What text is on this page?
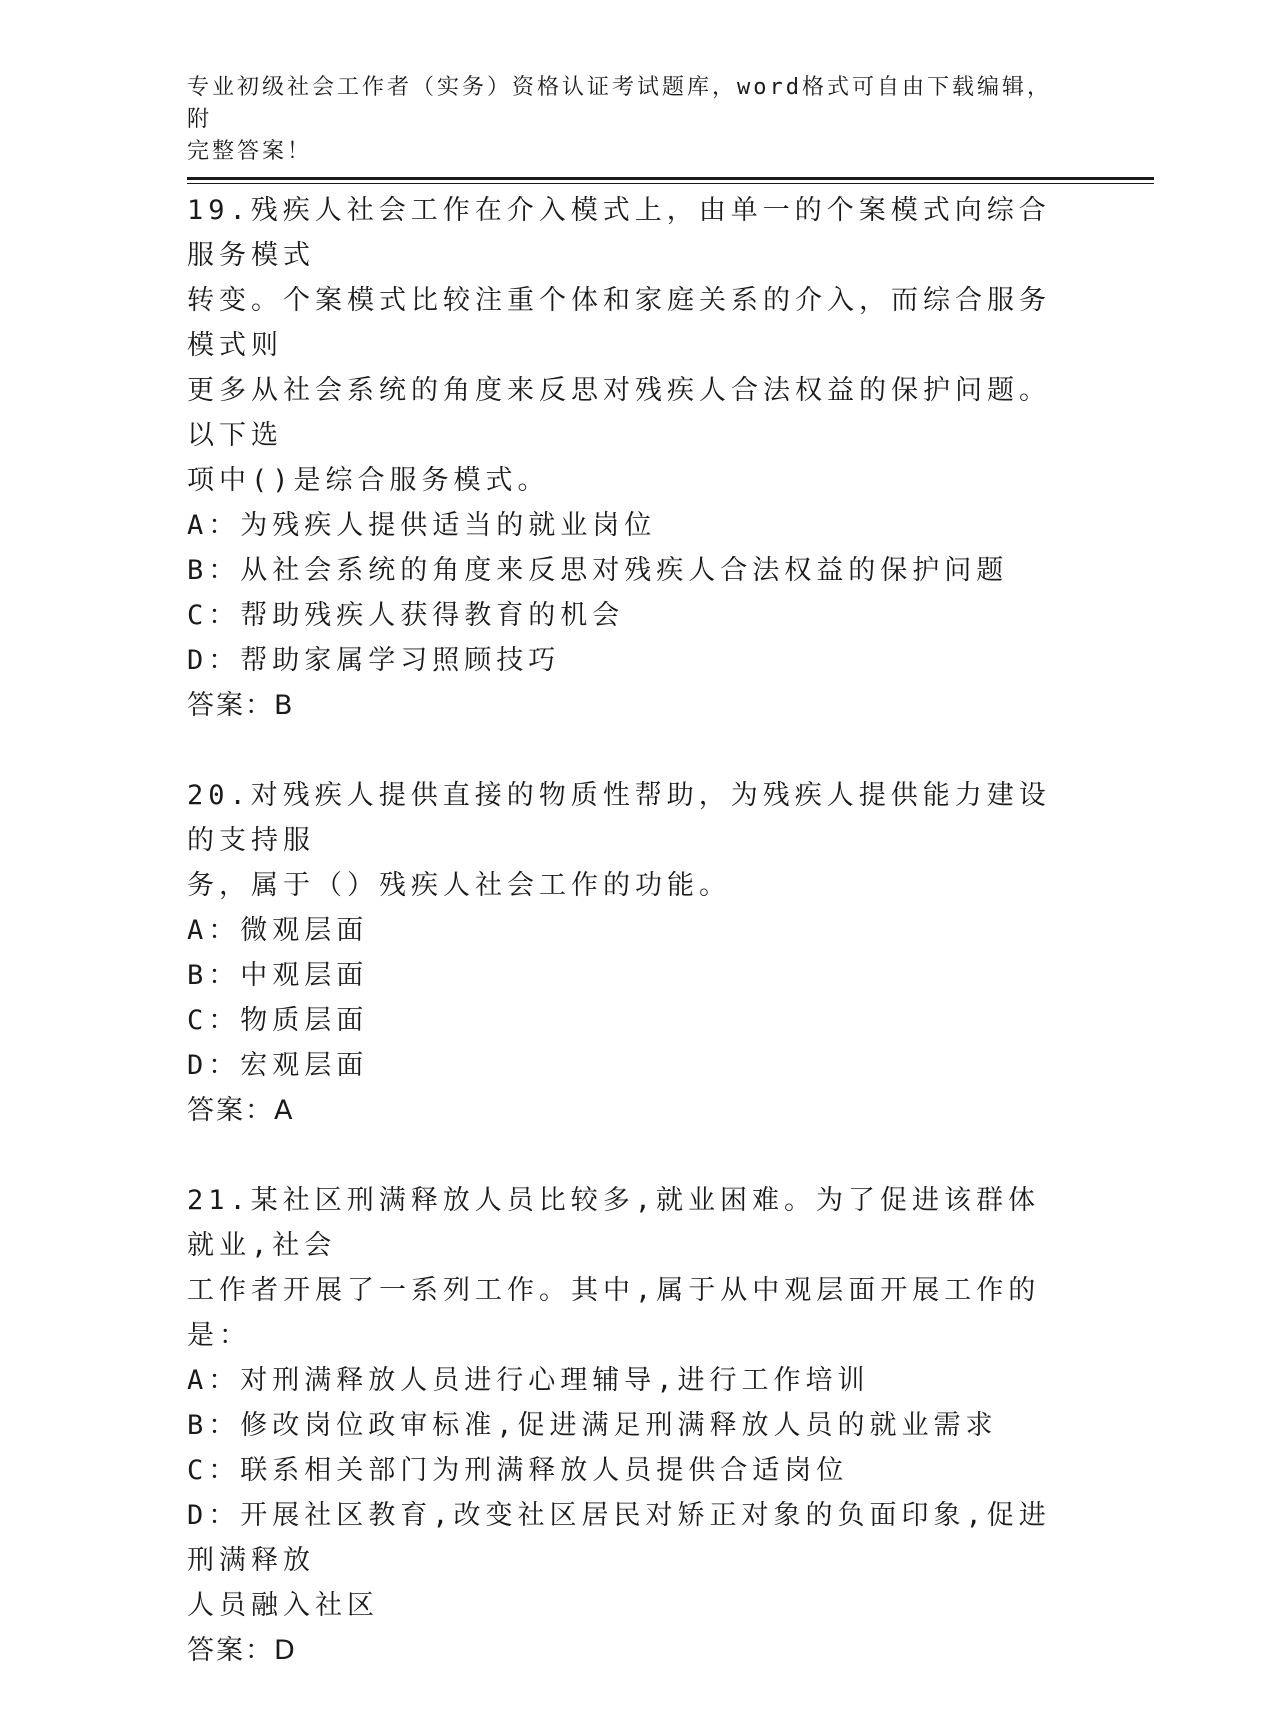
专业初级社会工作者（实务）资格认证考试题库，word格式可自由下载编辑，附
完整答案！
19.残疾人社会工作在介入模式上，由单一的个案模式向综合服务模式
转变。个案模式比较注重个体和家庭关系的介入，而综合服务模式则
更多从社会系统的角度来反思对残疾人合法权益的保护问题。以下选
项中()是综合服务模式。
A：为残疾人提供适当的就业岗位
B：从社会系统的角度来反思对残疾人合法权益的保护问题
C：帮助残疾人获得教育的机会
D：帮助家属学习照顾技巧
答案：B
20.对残疾人提供直接的物质性帮助，为残疾人提供能力建设的支持服
务，属于（）残疾人社会工作的功能。
A：微观层面
B：中观层面
C：物质层面
D：宏观层面
答案：A
21.某社区刑满释放人员比较多,就业困难。为了促进该群体就业,社会
工作者开展了一系列工作。其中,属于从中观层面开展工作的是：
A：对刑满释放人员进行心理辅导,进行工作培训
B：修改岗位政审标准,促进满足刑满释放人员的就业需求
C：联系相关部门为刑满释放人员提供合适岗位
D：开展社区教育,改变社区居民对矫正对象的负面印象,促进刑满释放
人员融入社区
答案：D
